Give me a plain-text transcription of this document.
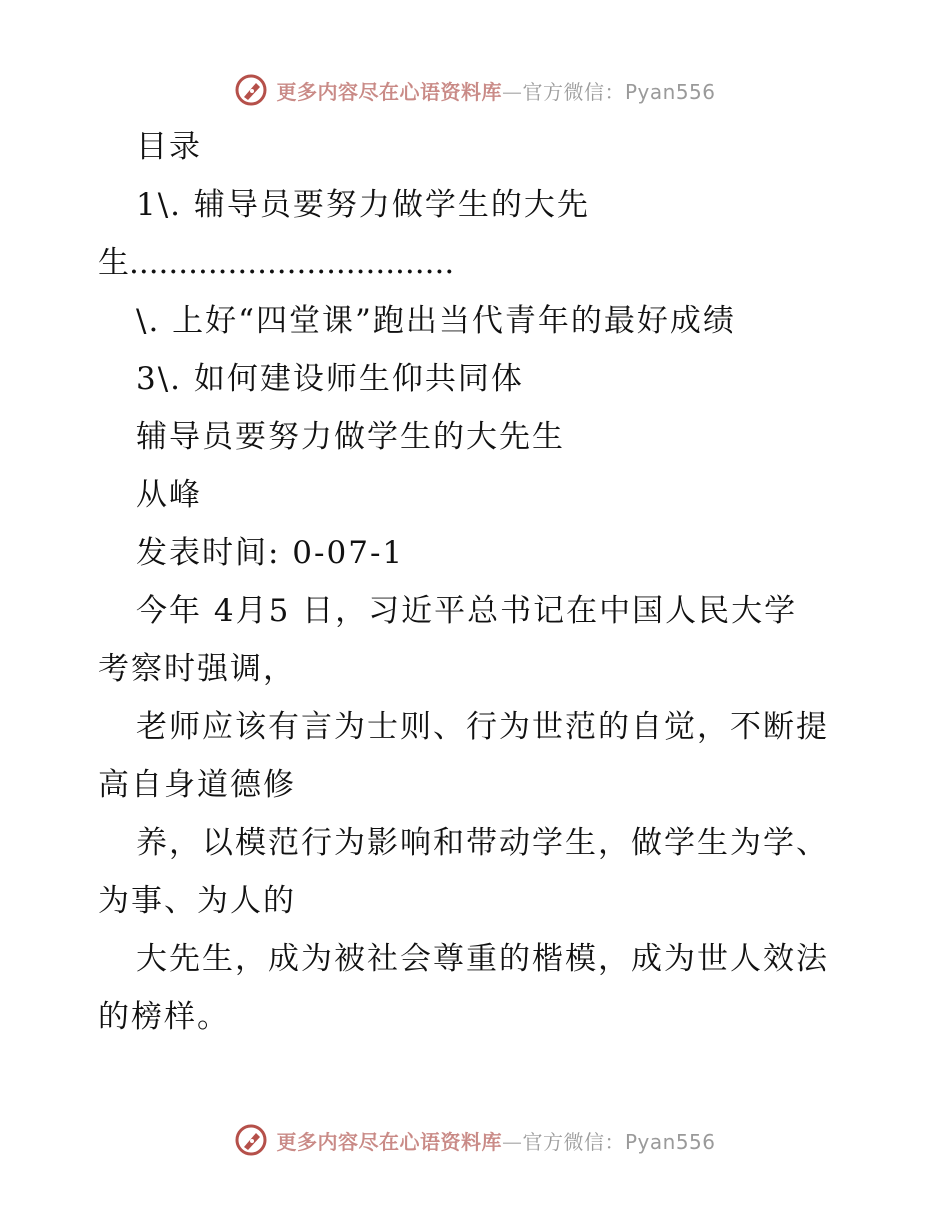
更多内容尽在心语资料库—官方微信：Pyan556
目录
1\. 辅导员要努力做学生的大先
生.................................
\. 上好“四堂课”跑出当代青年的最好成绩
3\. 如何建设师生仰共同体
辅导员要努力做学生的大先生
从峰
发表时间: 0-07-1
今年 4月5 日，习近平总书记在中国人民大学
考察时强调，
老师应该有言为士则、行为世范的自觉，不断提
高自身道德修
养，以模范行为影响和带动学生，做学生为学、
为事、为人的
大先生，成为被社会尊重的楷模，成为世人效法
的榜样。
更多内容尽在心语资料库—官方微信：Pyan556
